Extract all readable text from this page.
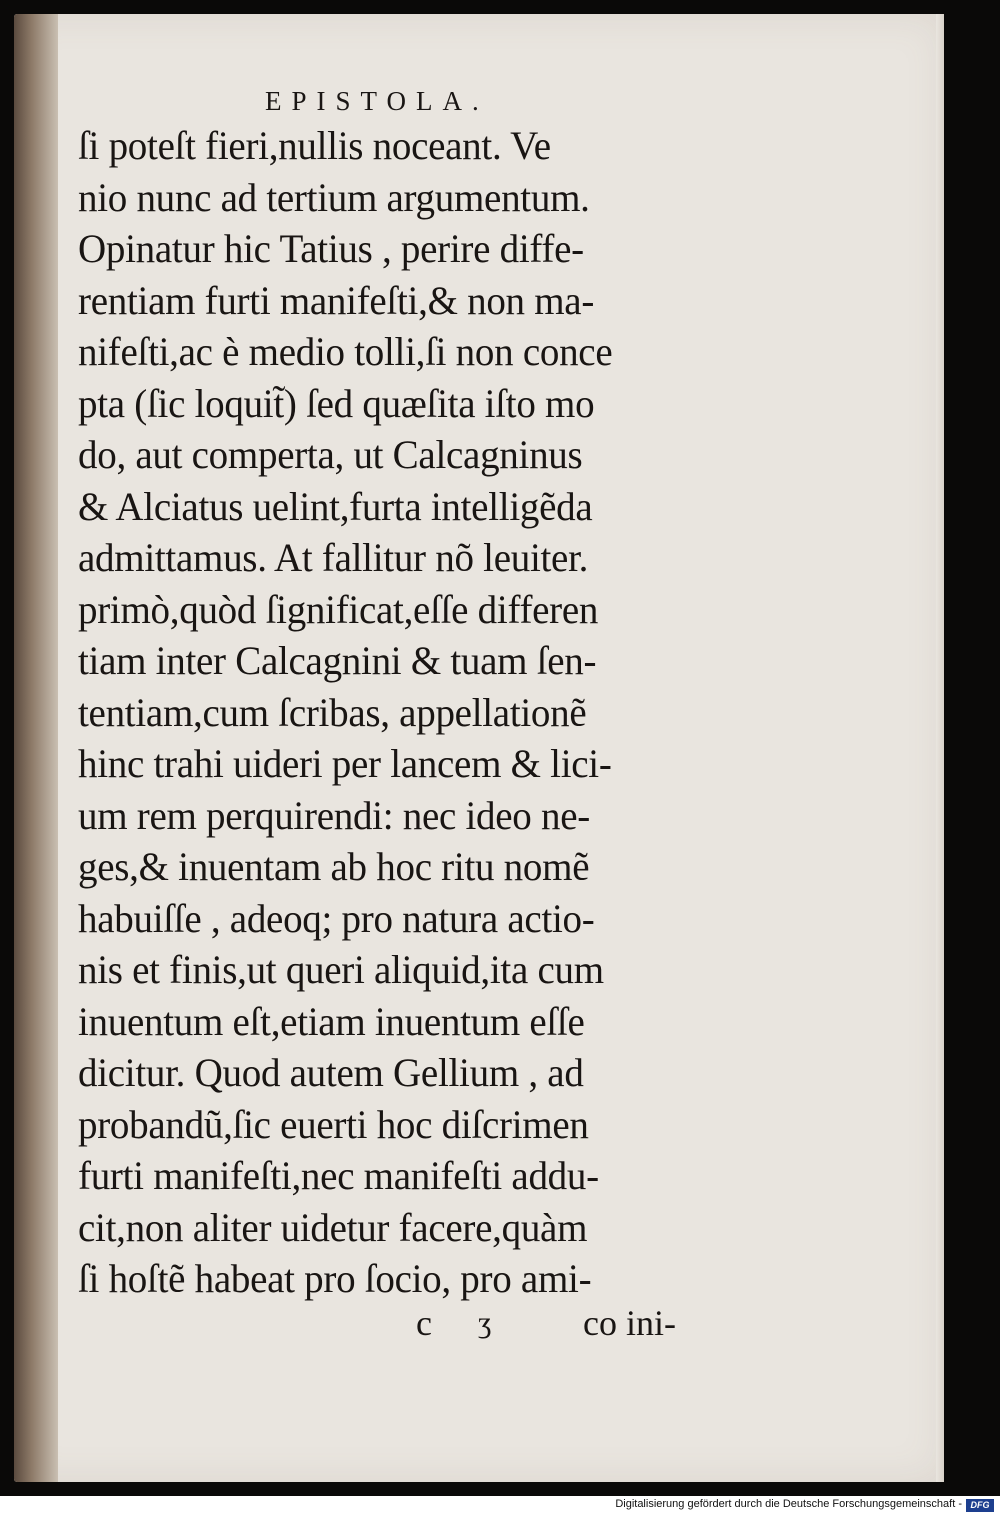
EPISTOLA.
ſi poteſt fieri,nullis noceant. Ve
nio nunc ad tertium argumentum.
Opinatur hic Tatius , perire diffe-
rentiam furti manifeſti,& non ma-
nifeſti,ac è medio tolli,ſi non conce
pta (ſic loquit̃) ſed quæſita iſto mo
do, aut comperta, ut Calcagninus
& Alciatus uelint,furta intelligẽda
admittamus. At fallitur nõ leuiter.
primò,quòd ſignificat,eſſe differen
tiam inter Calcagnini & tuam ſen-
tentiam,cum ſcribas, appellationẽ
hinc trahi uideri per lancem & lici-
um rem perquirendi: nec ideo ne-
ges,& inuentam ab hoc ritu nomẽ
habuiſſe , adeoq; pro natura actio-
nis et finis,ut queri aliquid,ita cum
inuentum eſt,etiam inuentum eſſe
dicitur. Quod autem Gellium , ad
probandũ,ſic euerti hoc diſcrimen
furti manifeſti,nec manifeſti addu-
cit,non aliter uidetur facere,quàm
ſi hoſtẽ habeat pro ſocio, pro ami-
c ʒ	co ini-
Digitalisierung gefördert durch die Deutsche Forschungsgemeinschaft - DFG
